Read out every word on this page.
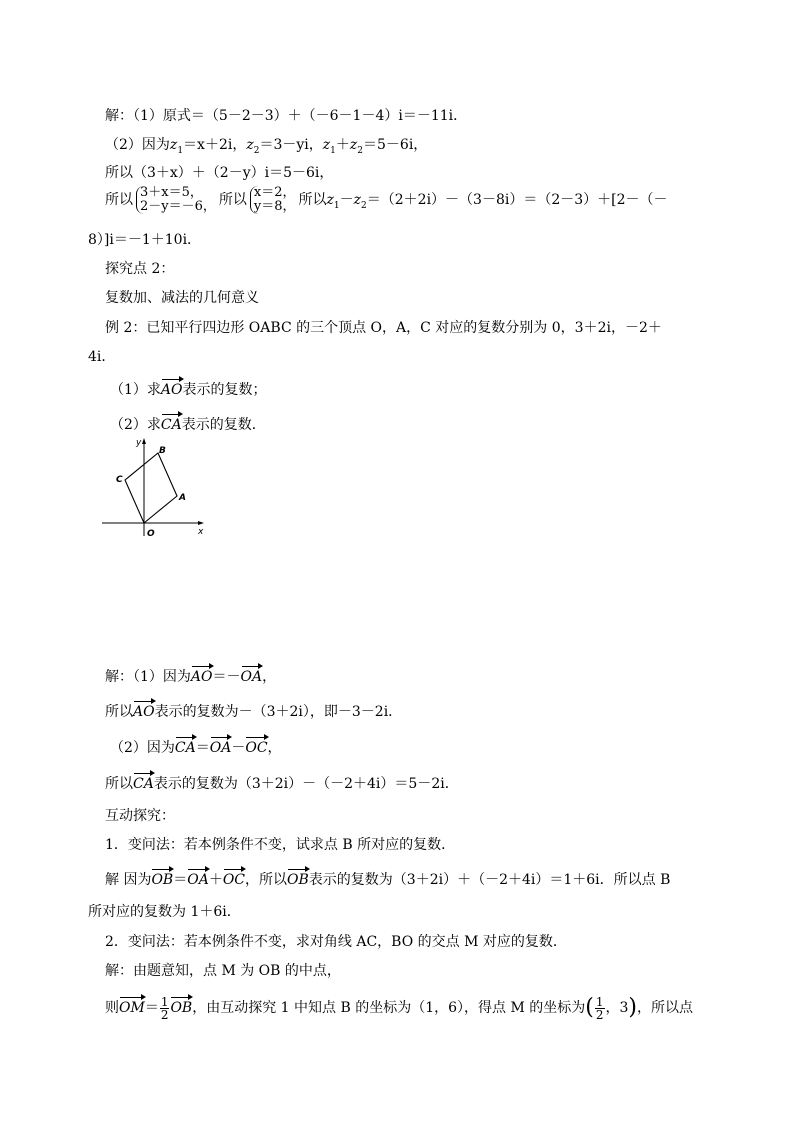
解：（1）原式＝（5－2－3）＋（－6－1－4）i＝－11i．
（2）因为$z_1=x+2i$，$z_2=3-yi$，$z_1+z_2=5-6i$，
所以（3＋x）＋（2－y）i＝5－6i，
所以 3＋x＝5，
2－y＝－6， 所以 x＝2，
y＝8， 所以$z_1-z_2=(2+2i)-(3-8i)=(2-3)+[2-(-$
8）]i＝－1＋10i．
探究点 2：
复数加、减法的几何意义
例 2：已知平行四边形 OABC 的三个顶点 O，A，C 对应的复数分别为 0，3＋2i，－2＋
4i．
（1）求AO表示的复数；
（2）求CA表示的复数．
y
x
O
A
B
C
解：（1）因为AO＝－OA，
所以AO表示的复数为－（3＋2i），即－3－2i．
（2）因为CA＝OA－OC，
所以CA表示的复数为（3＋2i）－（－2＋4i）＝5－2i．
互动探究：
1．变问法：若本例条件不变，试求点 B 所对应的复数．
解 因为OB＝OA＋OC，所以OB表示的复数为（3＋2i）＋（－2＋4i）＝1＋6i．所以点 B
所对应的复数为 1＋6i．
2．变问法：若本例条件不变，求对角线 AC，BO 的交点 M 对应的复数．
解：由题意知，点 M 为 OB 的中点，
则$OM= \frac{1}{2}$ OB，由互动探究 1 中知点 B 的坐标为（1，6），得点 M 的坐标为( $\frac{1}{2}$ ，3)，所以点
